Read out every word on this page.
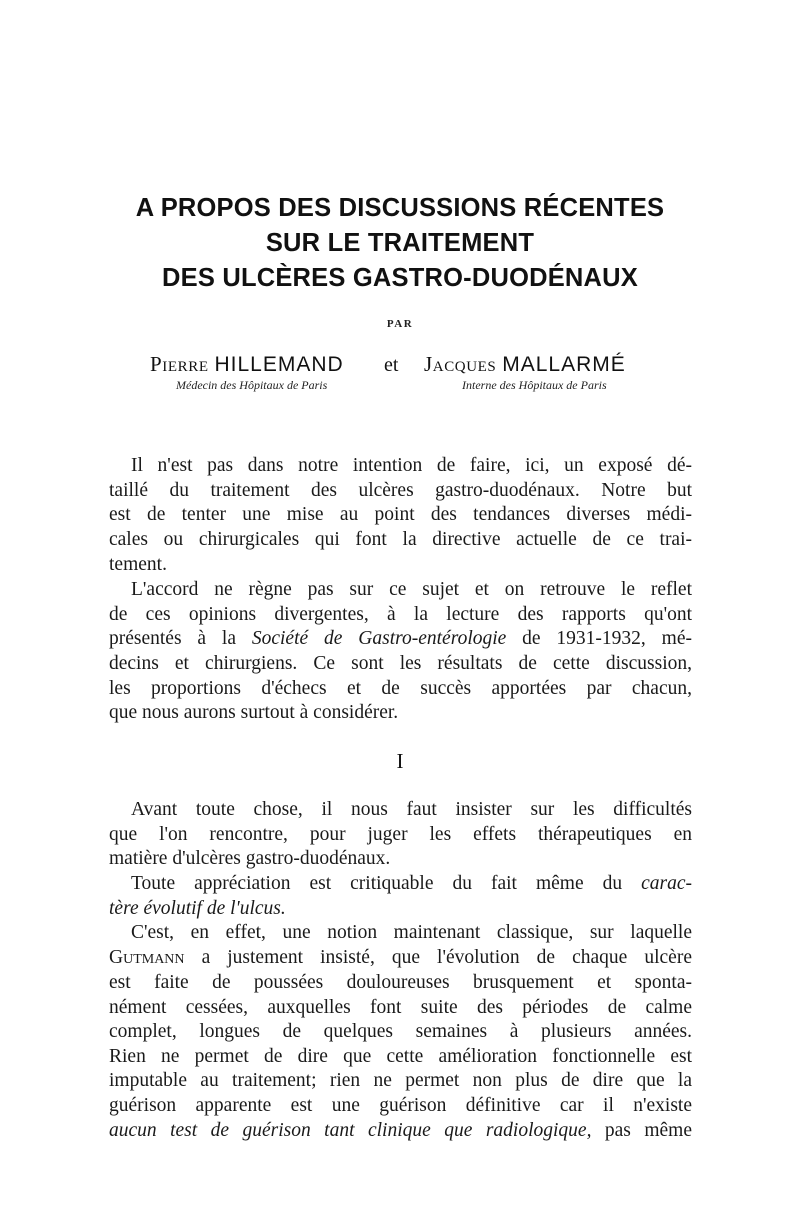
A PROPOS DES DISCUSSIONS RÉCENTES
SUR LE TRAITEMENT
DES ULCÈRES GASTRO-DUODÉNAUX
PAR
Pierre HILLEMAND
Médecin des Hôpitaux de Paris
et Jacques MALLARMÉ
Interne des Hôpitaux de Paris
Il n'est pas dans notre intention de faire, ici, un exposé dé-
taillé du traitement des ulcères gastro-duodénaux. Notre but
est de tenter une mise au point des tendances diverses médi-
cales ou chirurgicales qui font la directive actuelle de ce trai-
tement.
L'accord ne règne pas sur ce sujet et on retrouve le reflet
de ces opinions divergentes, à la lecture des rapports qu'ont
présentés à la Société de Gastro-entérologie de 1931-1932, mé-
decins et chirurgiens. Ce sont les résultats de cette discussion,
les proportions d'échecs et de succès apportées par chacun,
que nous aurons surtout à considérer.
I
Avant toute chose, il nous faut insister sur les difficultés
que l'on rencontre, pour juger les effets thérapeutiques en
matière d'ulcères gastro-duodénaux.
Toute appréciation est critiquable du fait même du carac-
tère évolutif de l'ulcus.
C'est, en effet, une notion maintenant classique, sur laquelle
Gutmann a justement insisté, que l'évolution de chaque ulcère
est faite de poussées douloureuses brusquement et sponta-
nément cessées, auxquelles font suite des périodes de calme
complet, longues de quelques semaines à plusieurs années.
Rien ne permet de dire que cette amélioration fonctionnelle est
imputable au traitement; rien ne permet non plus de dire que la
guérison apparente est une guérison définitive car il n'existe
aucun test de guérison tant clinique que radiologique, pas même
